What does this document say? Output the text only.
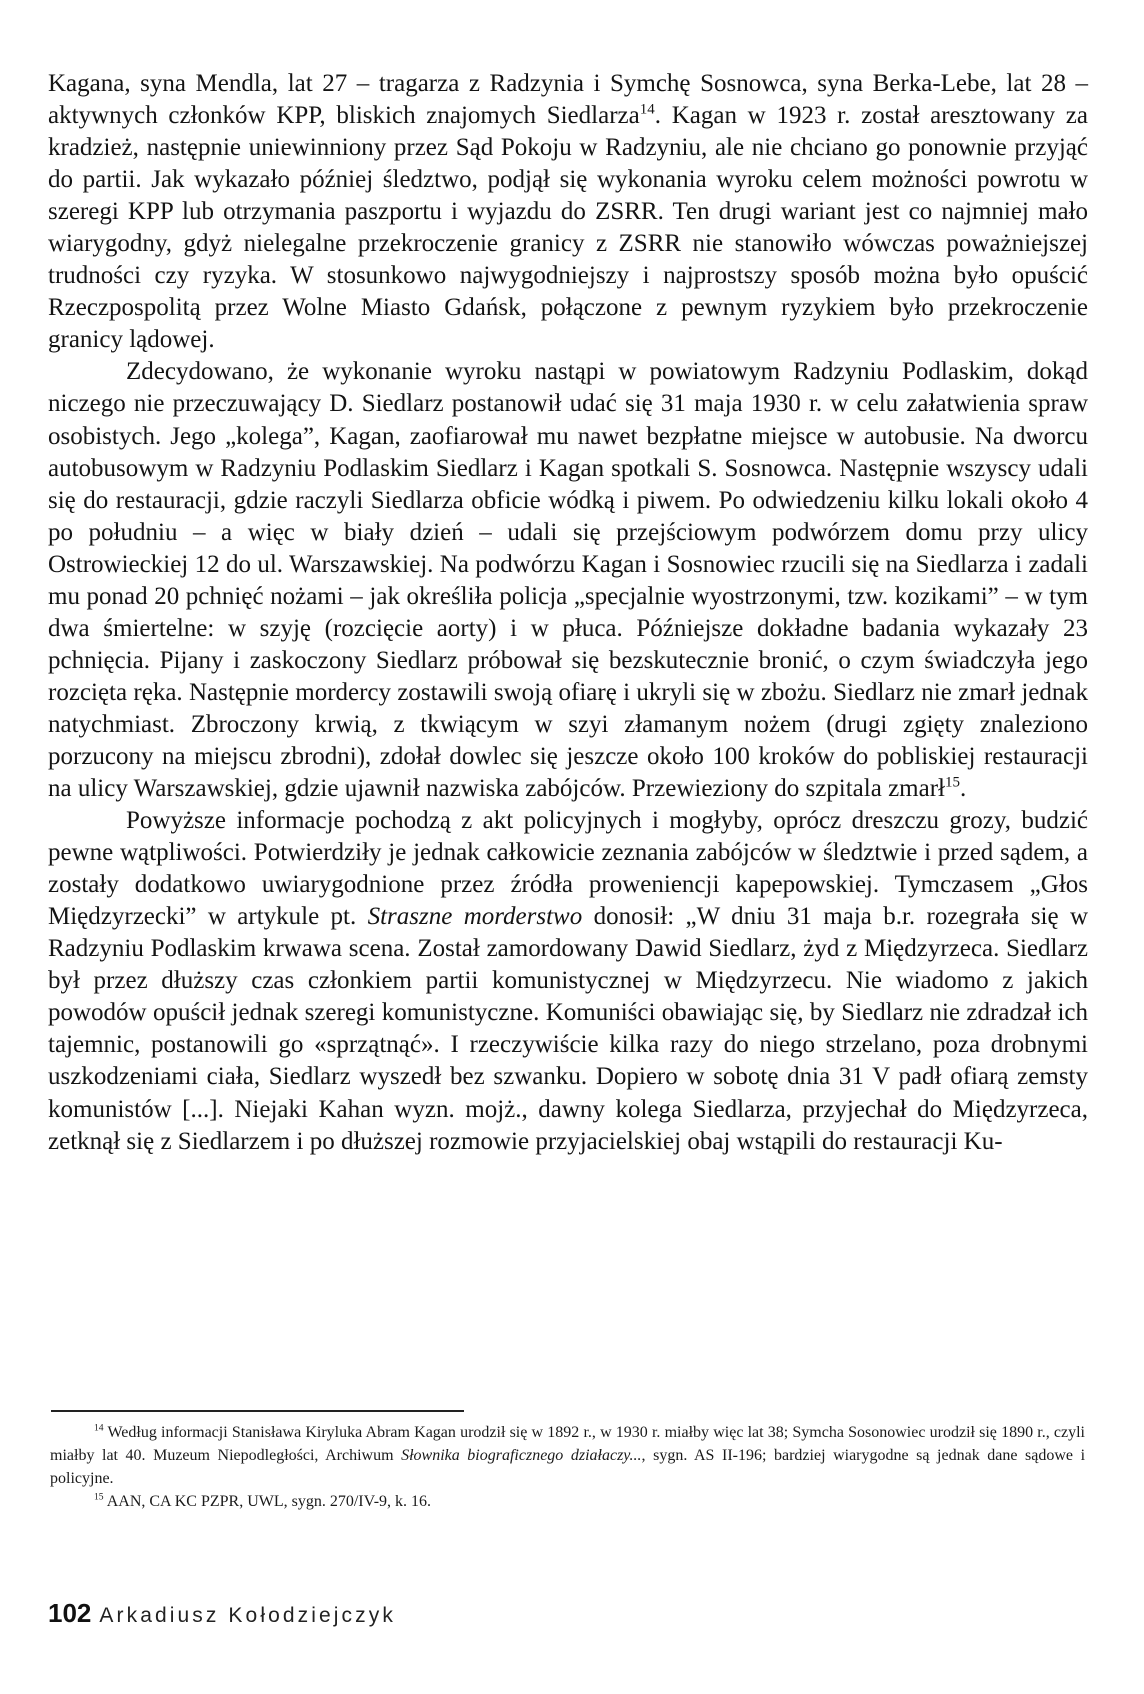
Kagana, syna Mendla, lat 27 – tragarza z Radzynia i Symchę Sosnowca, syna Berka-Lebe, lat 28 – aktywnych członków KPP, bliskich znajomych Siedlarza$^{14}$. Kagan w 1923 r. został aresztowany za kradzież, następnie uniewinniony przez Sąd Pokoju w Radzyniu, ale nie chciano go ponownie przyjąć do partii. Jak wykazało później śledztwo, podjął się wykonania wyroku celem możności powrotu w szeregi KPP lub otrzymania paszportu i wyjazdu do ZSRR. Ten drugi wariant jest co najmniej mało wiarygodny, gdyż nielegalne przekroczenie granicy z ZSRR nie stanowiło wówczas poważniejszej trudności czy ryzyka. W stosunkowo najwygodniejszy i najprostszy sposób można było opuścić Rzeczpospolitą przez Wolne Miasto Gdańsk, połączone z pewnym ryzykiem było przekroczenie granicy lądowej.

Zdecydowano, że wykonanie wyroku nastąpi w powiatowym Radzyniu Podlaskim, dokąd niczego nie przeczuwający D. Siedlarz postanowił udać się 31 maja 1930 r. w celu załatwienia spraw osobistych. Jego „kolega”, Kagan, zaofiarował mu nawet bezpłatne miejsce w autobusie. Na dworcu autobusowym w Radzyniu Podlaskim Siedlarz i Kagan spotkali S. Sosnowca. Następnie wszyscy udali się do restauracji, gdzie raczyli Siedlarza obficie wódką i piwem. Po odwiedzeniu kilku lokali około 4 po południu – a więc w biały dzień – udali się przejściowym podwórzem domu przy ulicy Ostrowieckiej 12 do ul. Warszawskiej. Na podwórzu Kagan i Sosnowiec rzucili się na Siedlarza i zadali mu ponad 20 pchnięć nożami – jak określiła policja „specjalnie wyostrzonymi, tzw. kozikami” – w tym dwa śmiertelne: w szyję (rozcięcie aorty) i w płuca. Późniejsze dokładne badania wykazały 23 pchnięcia. Pijany i zaskoczony Siedlarz próbował się bezskutecznie bronić, o czym świadczyła jego rozcięta ręka. Następnie mordercy zostawili swoją ofiarę i ukryli się w zbożu. Siedlarz nie zmarł jednak natychmiast. Zbroczony krwią, z tkwiącym w szyi złamanym nożem (drugi zgięty znaleziono porzucony na miejscu zbrodni), zdołał dowlec się jeszcze około 100 kroków do pobliskiej restauracji na ulicy Warszawskiej, gdzie ujawnił nazwiska zabójców. Przewieziony do szpitala zmarł$^{15}$.

Powyższe informacje pochodzą z akt policyjnych i mogłyby, oprócz dreszczu grozy, budzić pewne wątpliwości. Potwierdziły je jednak całkowicie zeznania zabójców w śledztwie i przed sądem, a zostały dodatkowo uwiarygodnione przez źródła proweniencji kapepowskiej. Tymczasem „Głos Międzyrzecki” w artykule pt. Straszne morderstwo donosił: „W dniu 31 maja b.r. rozegrała się w Radzyniu Podlaskim krwawa scena. Został zamordowany Dawid Siedlarz, żyd z Międzyrzeca. Siedlarz był przez dłuższy czas członkiem partii komunistycznej w Międzyrzecu. Nie wiadomo z jakich powodów opuścił jednak szeregi komunistyczne. Komuniści obawiając się, by Siedlarz nie zdradzał ich tajemnic, postanowili go «sprzątnąć». I rzeczywiście kilka razy do niego strzelano, poza drobnymi uszkodzeniami ciała, Siedlarz wyszedł bez szwanku. Dopiero w sobotę dnia 31 V padł ofiarą zemsty komunistów [...]. Niejaki Kahan wyzn. mojż., dawny kolega Siedlarza, przyjechał do Międzyrzeca, zetknął się z Siedlarzem i po dłuższej rozmowie przyjacielskiej obaj wstąpili do restauracji Ku-

$^{14}$ Według informacji Stanisława Kiryluka Abram Kagan urodził się w 1892 r., w 1930 r. miałby więc lat 38; Symcha Sosonowiec urodził się 1890 r., czyli miałby lat 40. Muzeum Niepodległości, Archiwum Słownika biograficznego działaczy..., sygn. AS II-196; bardziej wiarygodne są jednak dane sądowe i policyjne.

$^{15}$ AAN, CA KC PZPR, UWL, sygn. 270/IV-9, k. 16.

102 Arkadiusz Kołodziejczyk
